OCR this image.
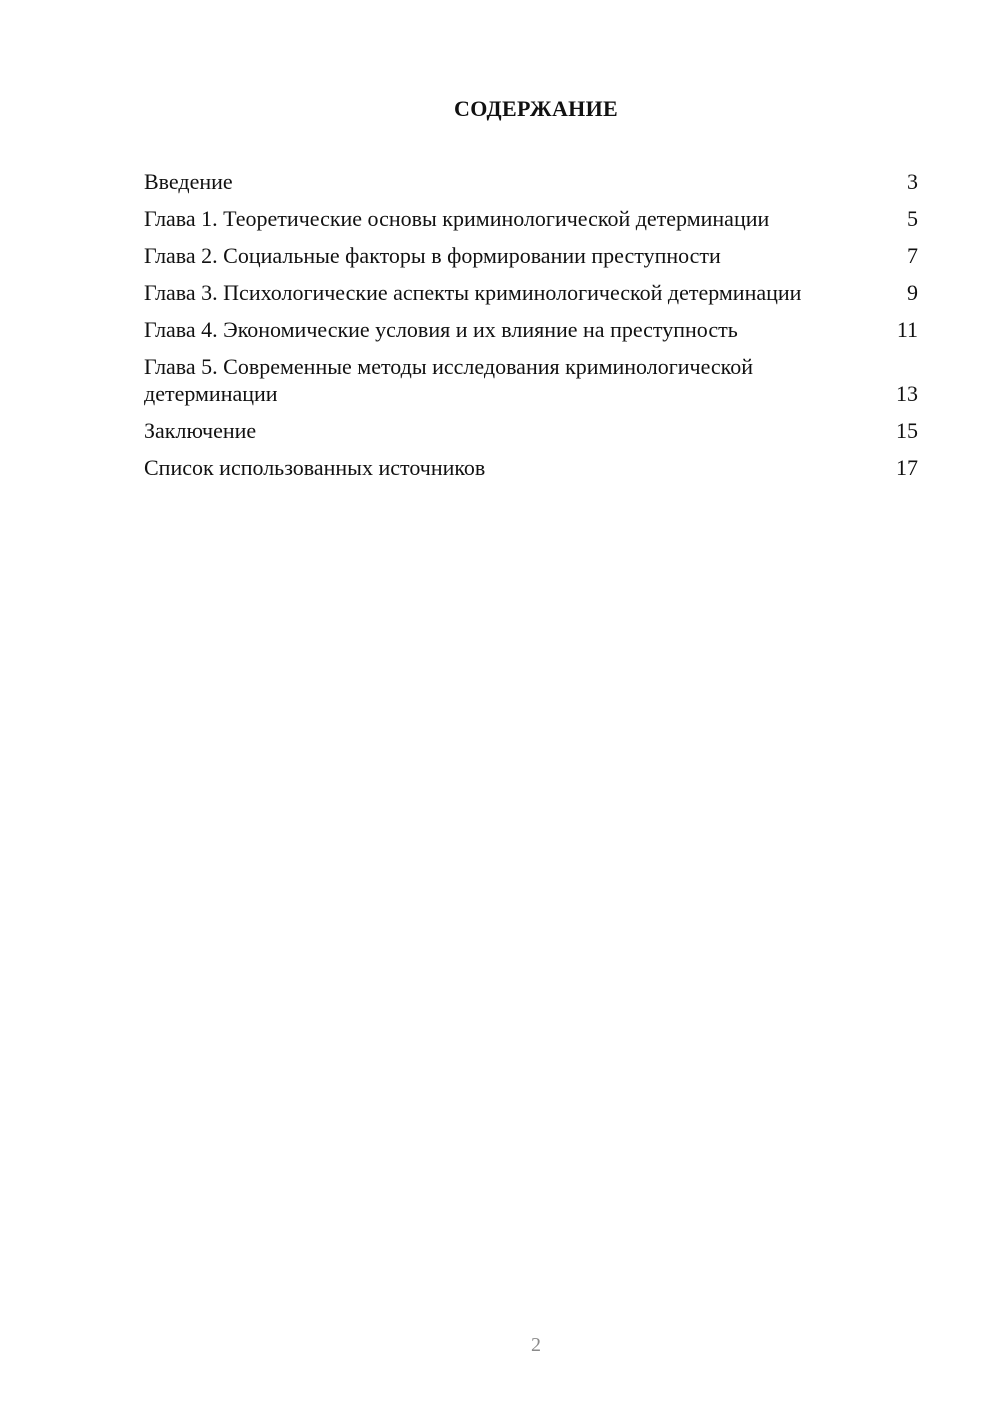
СОДЕРЖАНИЕ
Введение	3
Глава 1. Теоретические основы криминологической детерминации	5
Глава 2. Социальные факторы в формировании преступности	7
Глава 3. Психологические аспекты криминологической детерминации	9
Глава 4. Экономические условия и их влияние на преступность	11
Глава 5. Современные методы исследования криминологической детерминации	13
Заключение	15
Список использованных источников	17
2
